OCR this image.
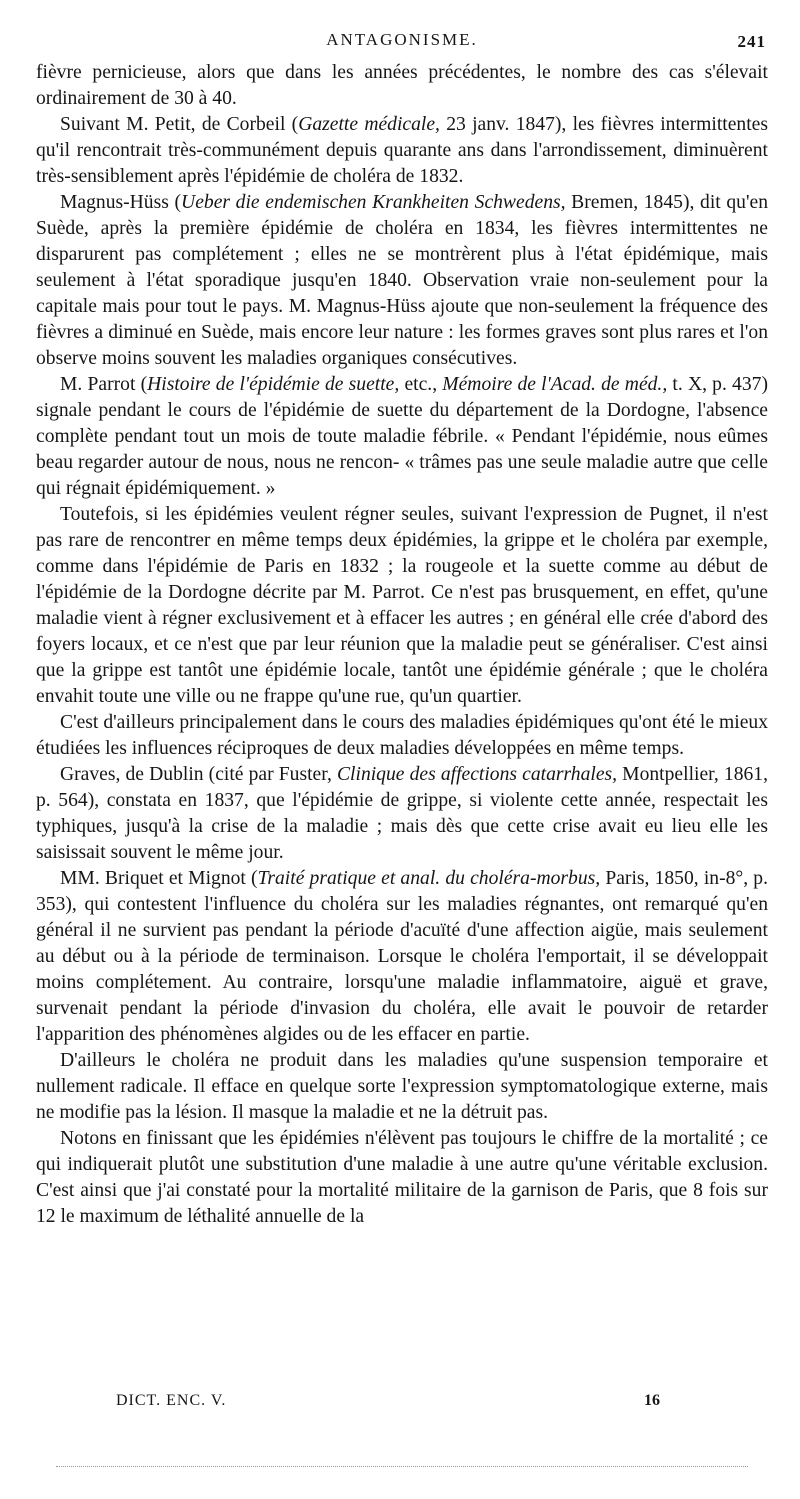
ANTAGONISME.	241

fièvre pernicieuse, alors que dans les années précédentes, le nombre des cas s'élevait ordinairement de 30 à 40.

Suivant M. Petit, de Corbeil (Gazette médicale, 23 janv. 1847), les fièvres intermittentes qu'il rencontrait très-communément depuis quarante ans dans l'arrondissement, diminuèrent très-sensiblement après l'épidémie de choléra de 1832.

Magnus-Hüss (Ueber die endemischen Krankheiten Schwedens, Bremen, 1845), dit qu'en Suède, après la première épidémie de choléra en 1834, les fièvres intermittentes ne disparurent pas complétement ; elles ne se montrèrent plus à l'état épidémique, mais seulement à l'état sporadique jusqu'en 1840. Observation vraie non-seulement pour la capitale mais pour tout le pays. M. Magnus-Hüss ajoute que non-seulement la fréquence des fièvres a diminué en Suède, mais encore leur nature : les formes graves sont plus rares et l'on observe moins souvent les maladies organiques consécutives.

M. Parrot (Histoire de l'épidémie de suette, etc., Mémoire de l'Acad. de méd., t. X, p. 437) signale pendant le cours de l'épidémie de suette du département de la Dordogne, l'absence complète pendant tout un mois de toute maladie fébrile. « Pendant l'épidémie, nous eûmes beau regarder autour de nous, nous ne rencon- « trâmes pas une seule maladie autre que celle qui régnait épidémiquement. »

Toutefois, si les épidémies veulent régner seules, suivant l'expression de Pugnet, il n'est pas rare de rencontrer en même temps deux épidémies, la grippe et le choléra par exemple, comme dans l'épidémie de Paris en 1832 ; la rougeole et la suette comme au début de l'épidémie de la Dordogne décrite par M. Parrot. Ce n'est pas brusquement, en effet, qu'une maladie vient à régner exclusivement et à effacer les autres ; en général elle crée d'abord des foyers locaux, et ce n'est que par leur réunion que la maladie peut se généraliser. C'est ainsi que la grippe est tantôt une épidémie locale, tantôt une épidémie générale ; que le choléra envahit toute une ville ou ne frappe qu'une rue, qu'un quartier.

C'est d'ailleurs principalement dans le cours des maladies épidémiques qu'ont été le mieux étudiées les influences réciproques de deux maladies développées en même temps.

Graves, de Dublin (cité par Fuster, Clinique des affections catarrhales, Montpellier, 1861, p. 564), constata en 1837, que l'épidémie de grippe, si violente cette année, respectait les typhiques, jusqu'à la crise de la maladie ; mais dès que cette crise avait eu lieu elle les saisissait souvent le même jour.

MM. Briquet et Mignot (Traité pratique et anal. du choléra-morbus, Paris, 1850, in-8°, p. 353), qui contestent l'influence du choléra sur les maladies régnantes, ont remarqué qu'en général il ne survient pas pendant la période d'acuïté d'une affection aigüe, mais seulement au début ou à la période de terminaison. Lorsque le choléra l'emportait, il se développait moins complétement. Au contraire, lorsqu'une maladie inflammatoire, aiguë et grave, survenait pendant la période d'invasion du choléra, elle avait le pouvoir de retarder l'apparition des phénomènes algides ou de les effacer en partie.

D'ailleurs le choléra ne produit dans les maladies qu'une suspension temporaire et nullement radicale. Il efface en quelque sorte l'expression symptomatologique externe, mais ne modifie pas la lésion. Il masque la maladie et ne la détruit pas.

Notons en finissant que les épidémies n'élèvent pas toujours le chiffre de la mortalité ; ce qui indiquerait plutôt une substitution d'une maladie à une autre qu'une véritable exclusion. C'est ainsi que j'ai constaté pour la mortalité militaire de la garnison de Paris, que 8 fois sur 12 le maximum de léthalité annuelle de la

DICT. ENC. V.	16
